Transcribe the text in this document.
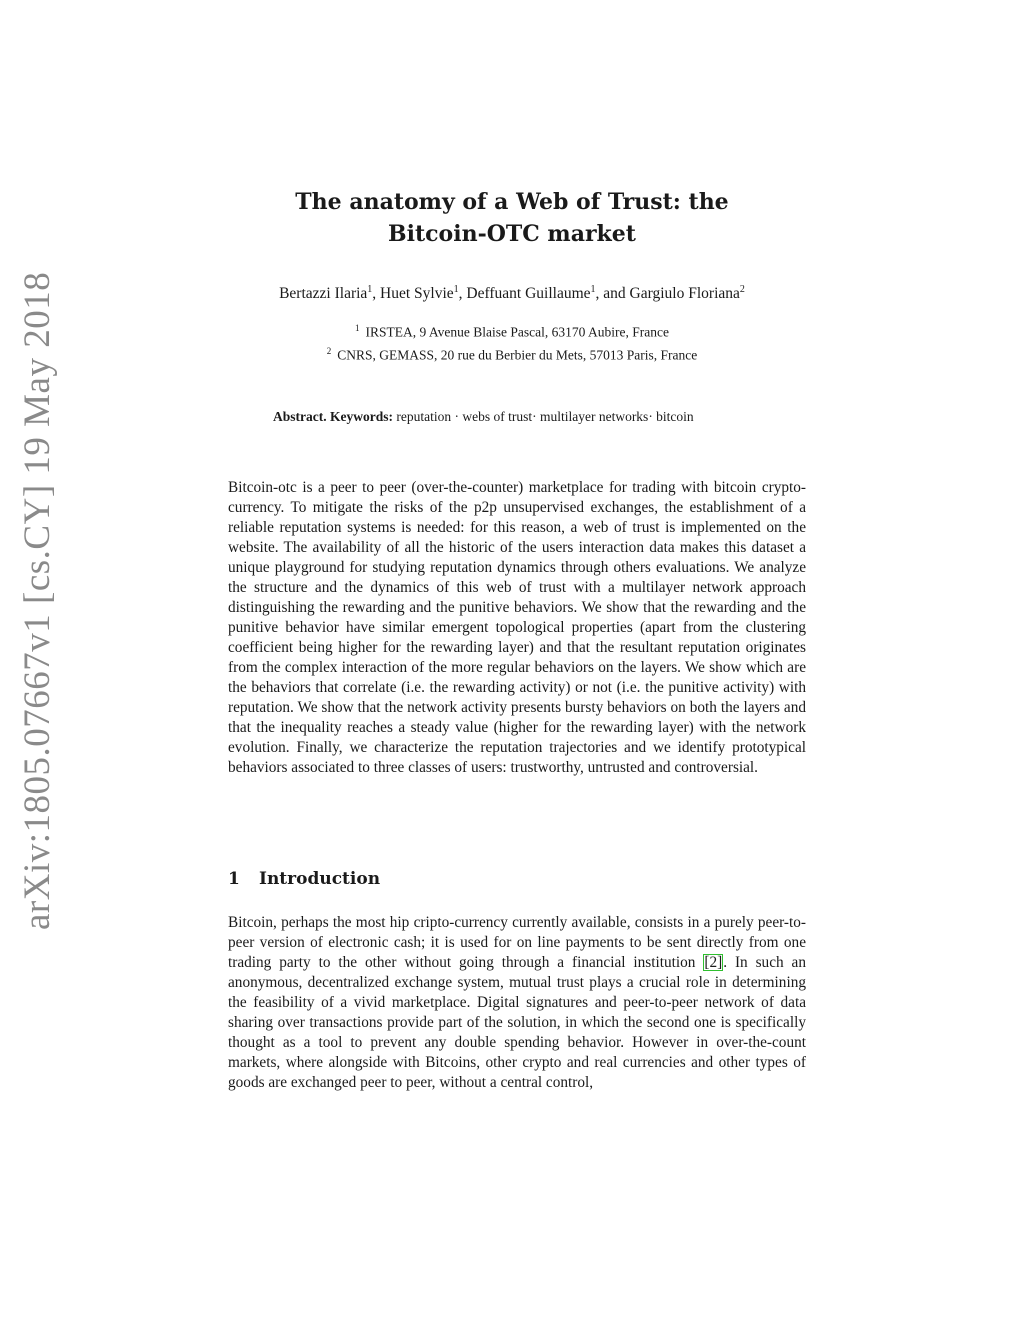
arXiv:1805.07667v1 [cs.CY] 19 May 2018
The anatomy of a Web of Trust: the
Bitcoin-OTC market
Bertazzi Ilaria$^1$, Huet Sylvie$^1$, Deffuant Guillaume$^1$, and Gargiulo Floriana$^2$
$^1$ IRSTEA, 9 Avenue Blaise Pascal, 63170 Aubire, France
$^2$ CNRS, GEMASS, 20 rue du Berbier du Mets, 57013 Paris, France
Abstract. Keywords: reputation · webs of trust· multilayer networks· bitcoin

Bitcoin-otc is a peer to peer (over-the-counter) marketplace for trading with bitcoin crypto-currency. To mitigate the risks of the p2p unsupervised exchanges, the establishment of a reliable reputation systems is needed: for this reason, a web of trust is implemented on the website. The availability of all the historic of the users interaction data makes this dataset a unique playground for studying reputation dynamics through others evaluations. We analyze the structure and the dynamics of this web of trust with a multilayer network approach distinguishing the rewarding and the punitive behaviors. We show that the rewarding and the punitive behavior have similar emergent topological properties (apart from the clustering coefficient being higher for the rewarding layer) and that the resultant reputation originates from the complex interaction of the more regular behaviors on the layers. We show which are the behaviors that correlate (i.e. the rewarding activity) or not (i.e. the punitive activity) with reputation. We show that the network activity presents bursty behaviors on both the layers and that the inequality reaches a steady value (higher for the rewarding layer) with the network evolution. Finally, we characterize the reputation trajectories and we identify prototypical behaviors associated to three classes of users: trustworthy, untrusted and controversial.

1 Introduction

Bitcoin, perhaps the most hip cripto-currency currently available, consists in a purely peer-to-peer version of electronic cash; it is used for on line payments to be sent directly from one trading party to the other without going through a financial institution [2]. In such an anonymous, decentralized exchange system, mutual trust plays a crucial role in determining the feasibility of a vivid marketplace. Digital signatures and peer-to-peer network of data sharing over transactions provide part of the solution, in which the second one is specifically thought as a tool to prevent any double spending behavior. However in over-the-count markets, where alongside with Bitcoins, other crypto and real currencies and other types of goods are exchanged peer to peer, without a central control,
